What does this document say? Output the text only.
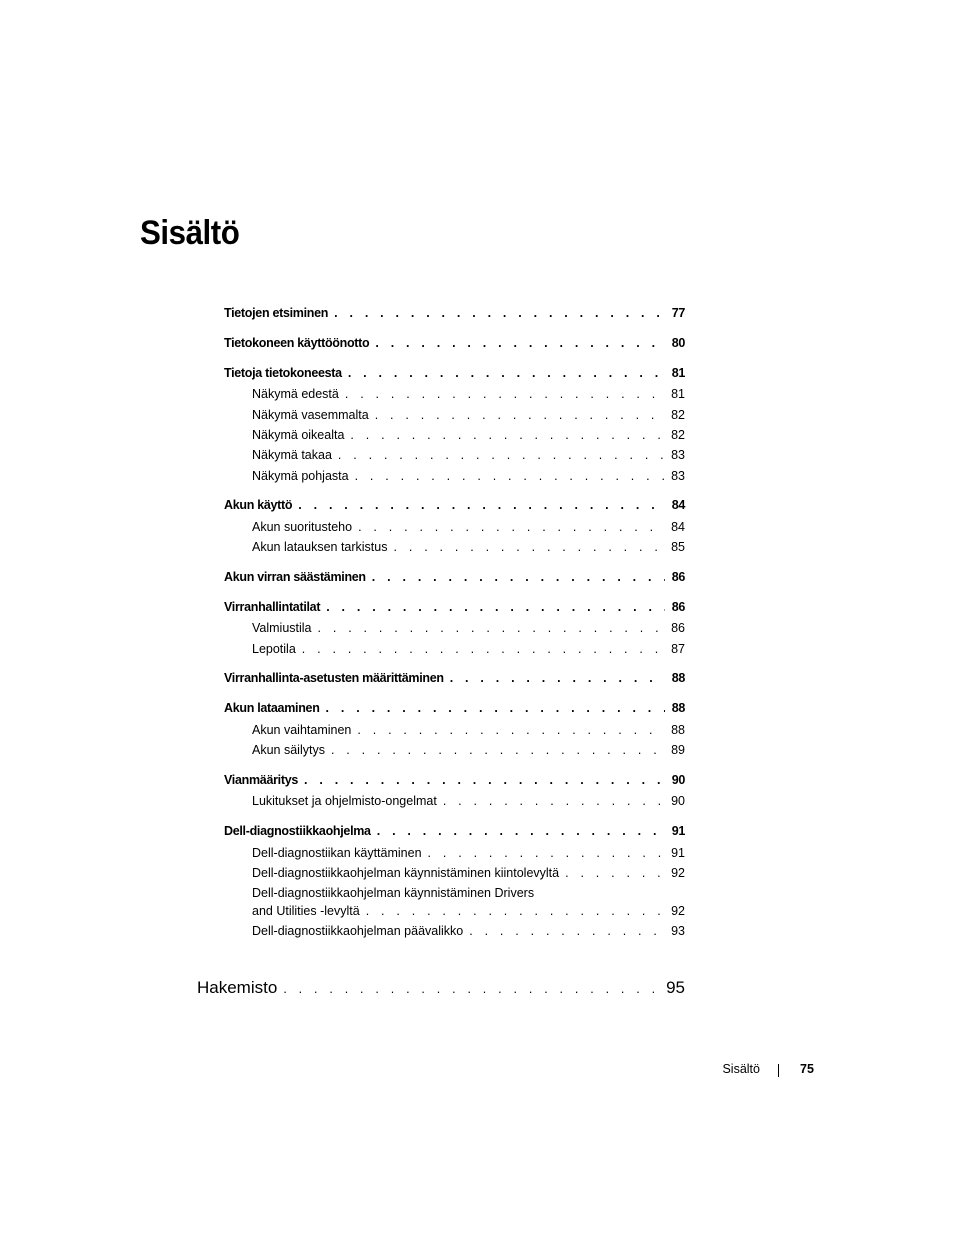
Sisältö
Tietojen etsiminen . . .	77
Tietokoneen käyttöönotto . . .	80
Tietoja tietokoneesta . . .	81
Näkymä edestä . . .	81
Näkymä vasemmalta . . .	82
Näkymä oikealta . . .	82
Näkymä takaa . . .	83
Näkymä pohjasta . . .	83
Akun käyttö . . .	84
Akun suoritusteho . . .	84
Akun latauksen tarkistus . . .	85
Akun virran säästäminen . . .	86
Virranhallintatilat . . .	86
Valmiustila . . .	86
Lepotila . . .	87
Virranhallinta-asetusten määrittäminen . . .	88
Akun lataaminen . . .	88
Akun vaihtaminen . . .	88
Akun säilytys . . .	89
Vianmääritys . . .	90
Lukitukset ja ohjelmisto-ongelmat . . .	90
Dell-diagnostiikkaohjelma . . .	91
Dell-diagnostiikan käyttäminen . . .	91
Dell-diagnostiikkaohjelman käynnistäminen kiintolevyltä . . .	92
Dell-diagnostiikkaohjelman käynnistäminen Drivers
and Utilities -levyltä . . .	92
Dell-diagnostiikkaohjelman päävalikko . . .	93
Hakemisto . . .	95
Sisältö	75
